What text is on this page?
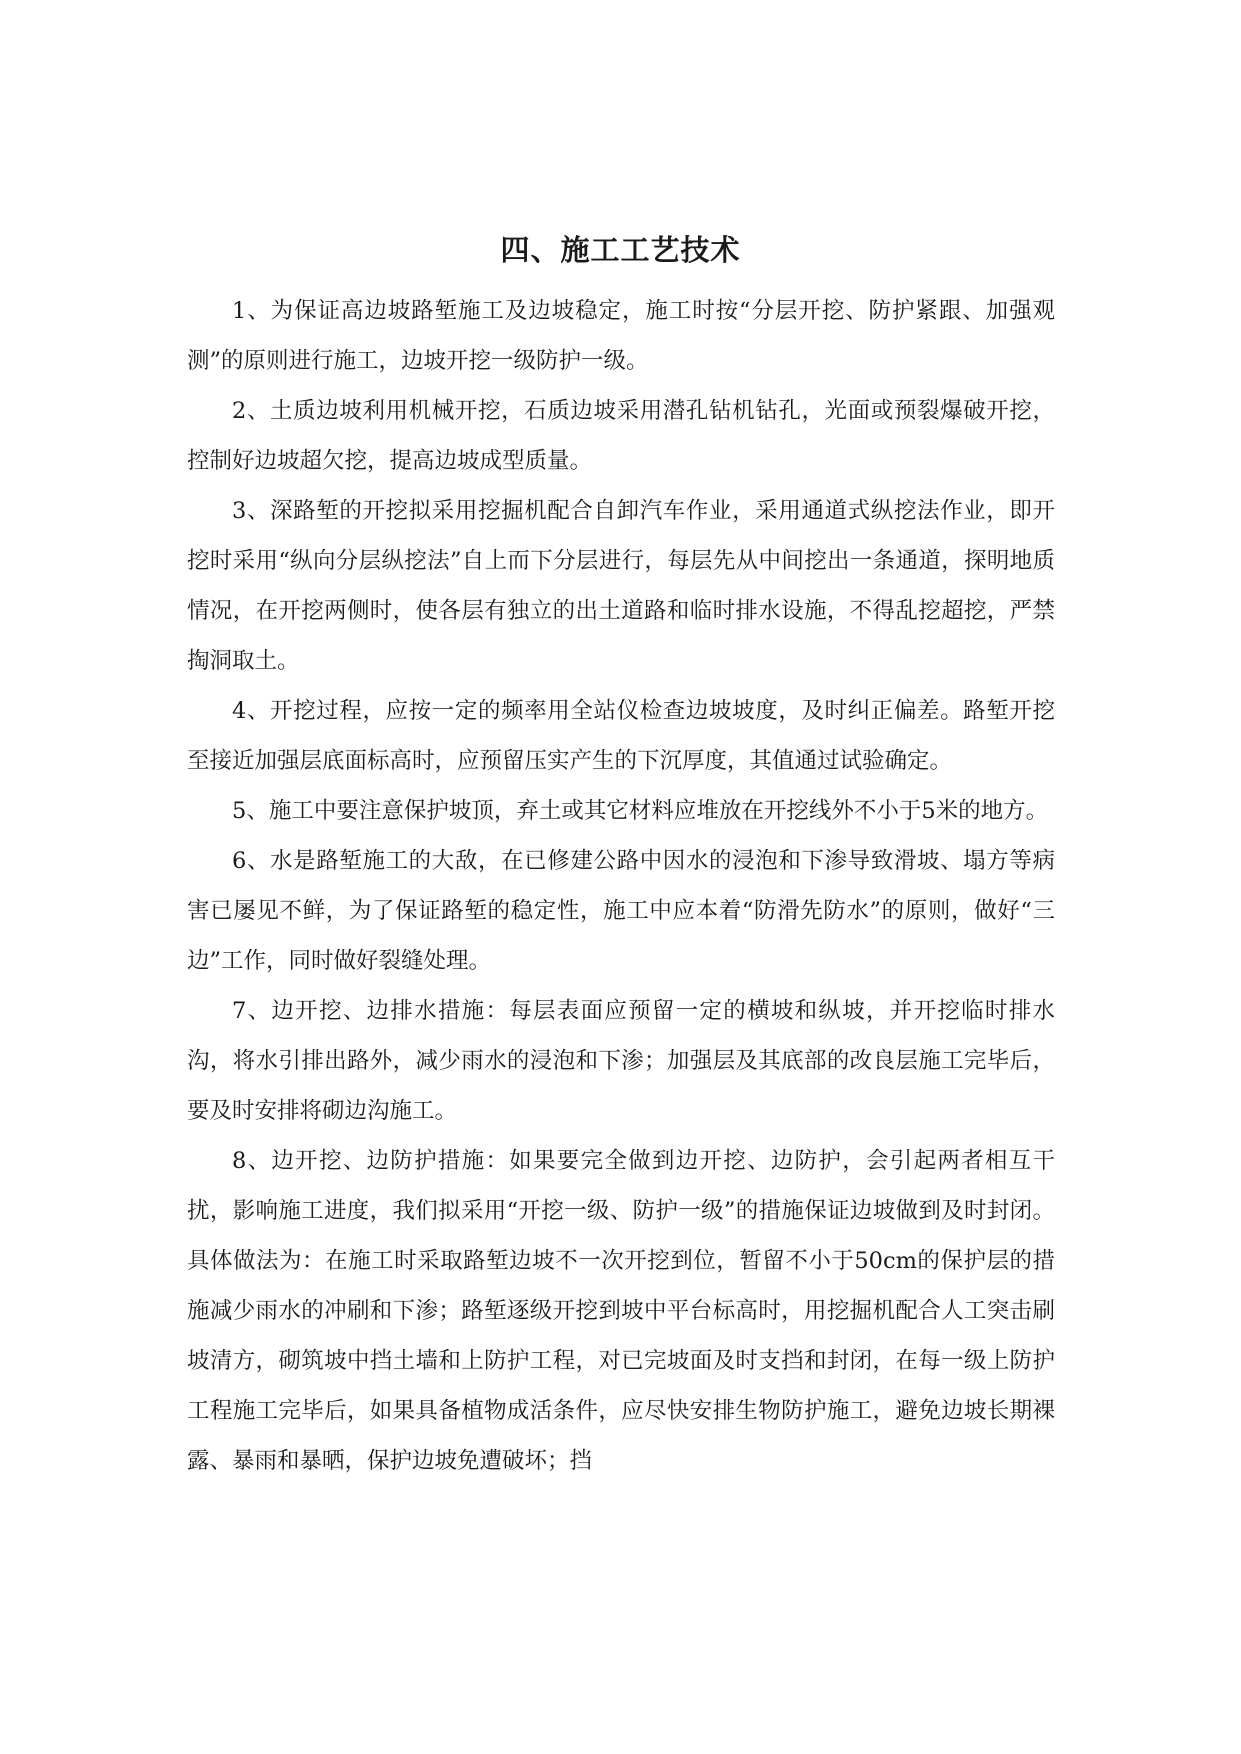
四、施工工艺技术

1、为保证高边坡路堑施工及边坡稳定，施工时按“分层开挖、防护紧跟、加强观测”的原则进行施工，边坡开挖一级防护一级。

2、土质边坡利用机械开挖，石质边坡采用潜孔钻机钻孔，光面或预裂爆破开挖，控制好边坡超欠挖，提高边坡成型质量。

3、深路堑的开挖拟采用挖掘机配合自卸汽车作业，采用通道式纵挖法作业，即开挖时采用“纵向分层纵挖法”自上而下分层进行，每层先从中间挖出一条通道，探明地质情况，在开挖两侧时，使各层有独立的出土道路和临时排水设施，不得乱挖超挖，严禁掏洞取土。

4、开挖过程，应按一定的频率用全站仪检查边坡坡度，及时纠正偏差。路堑开挖至接近加强层底面标高时，应预留压实产生的下沉厚度，其值通过试验确定。

5、施工中要注意保护坡顶，弃土或其它材料应堆放在开挖线外不小于5米的地方。

6、水是路堑施工的大敌，在已修建公路中因水的浸泡和下渗导致滑坡、塌方等病害已屡见不鲜，为了保证路堑的稳定性，施工中应本着“防滑先防水”的原则，做好“三边”工作，同时做好裂缝处理。

7、边开挖、边排水措施：每层表面应预留一定的横坡和纵坡，并开挖临时排水沟，将水引排出路外，减少雨水的浸泡和下渗；加强层及其底部的改良层施工完毕后，要及时安排将砌边沟施工。

8、边开挖、边防护措施：如果要完全做到边开挖、边防护，会引起两者相互干扰，影响施工进度，我们拟采用“开挖一级、防护一级”的措施保证边坡做到及时封闭。具体做法为：在施工时采取路堑边坡不一次开挖到位，暂留不小于50cm的保护层的措施减少雨水的冲刷和下渗；路堑逐级开挖到坡中平台标高时，用挖掘机配合人工突击刷坡清方，砌筑坡中挡土墙和上防护工程，对已完坡面及时支挡和封闭，在每一级上防护工程施工完毕后，如果具备植物成活条件，应尽快安排生物防护施工，避免边坡长期裸露、暴雨和暴晒，保护边坡免遭破坏；挡
